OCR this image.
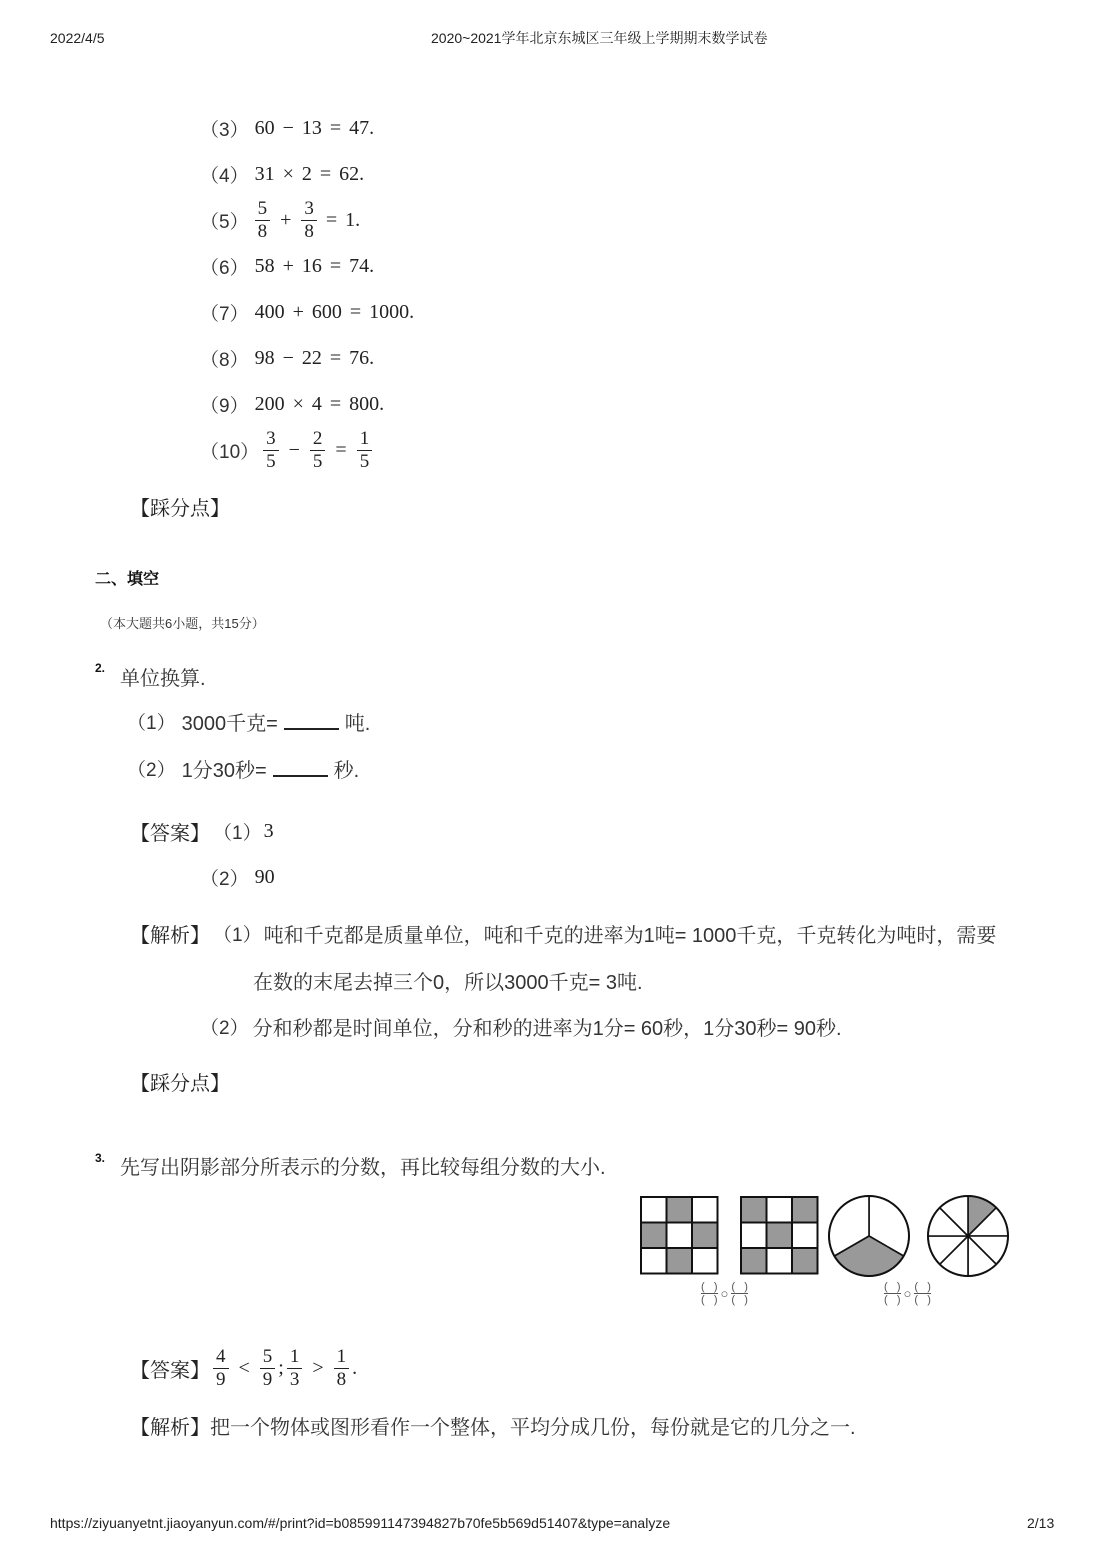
2022/4/5	2020~2021学年北京东城区三年级上学期期末数学试卷
（3） 60 − 13 = 47.
（4） 31 × 2 = 62.
$(5) \frac{5}{8} + \frac{3}{8} = 1$.
（6） 58 + 16 = 74.
（7） 400 + 600 = 1000.
（8） 98 − 22 = 76.
（9） 200 × 4 = 800.
$(10) \frac{3}{5} - \frac{2}{5} = \frac{1}{5}$
【踩分点】
二、填空
（本大题共6小题，共15分）
2. 单位换算.
（1） 3000千克=	吨.
（2） 1分30秒=	秒.
【答案】 （1） 3
（2） 90
【解析】 （1） 吨和千克都是质量单位，吨和千克的进率为1吨= 1000千克，千克转化为吨时，需要
在数的末尾去掉三个0，所以3000千克= 3吨.
（2） 分和秒都是时间单位，分和秒的进率为1分= 60秒，1分30秒= 90秒.
【踩分点】
3. 先写出阴影部分所表示的分数，再比较每组分数的大小.
(   )
(   ) ○ (   )
(   )
(   )
(   ) ○ (   )
(   )
【答案】 $\frac{4}{9} < \frac{5}{9}$ ; $\frac{1}{3} > \frac{1}{8}$ .
【解析】 把一个物体或图形看作一个整体，平均分成几份，每份就是它的几分之一.
https://ziyuanyetnt.jiaoyanyun.com/#/print?id=b085991147394827b70fe5b569d51407&type=analyze	2/13
